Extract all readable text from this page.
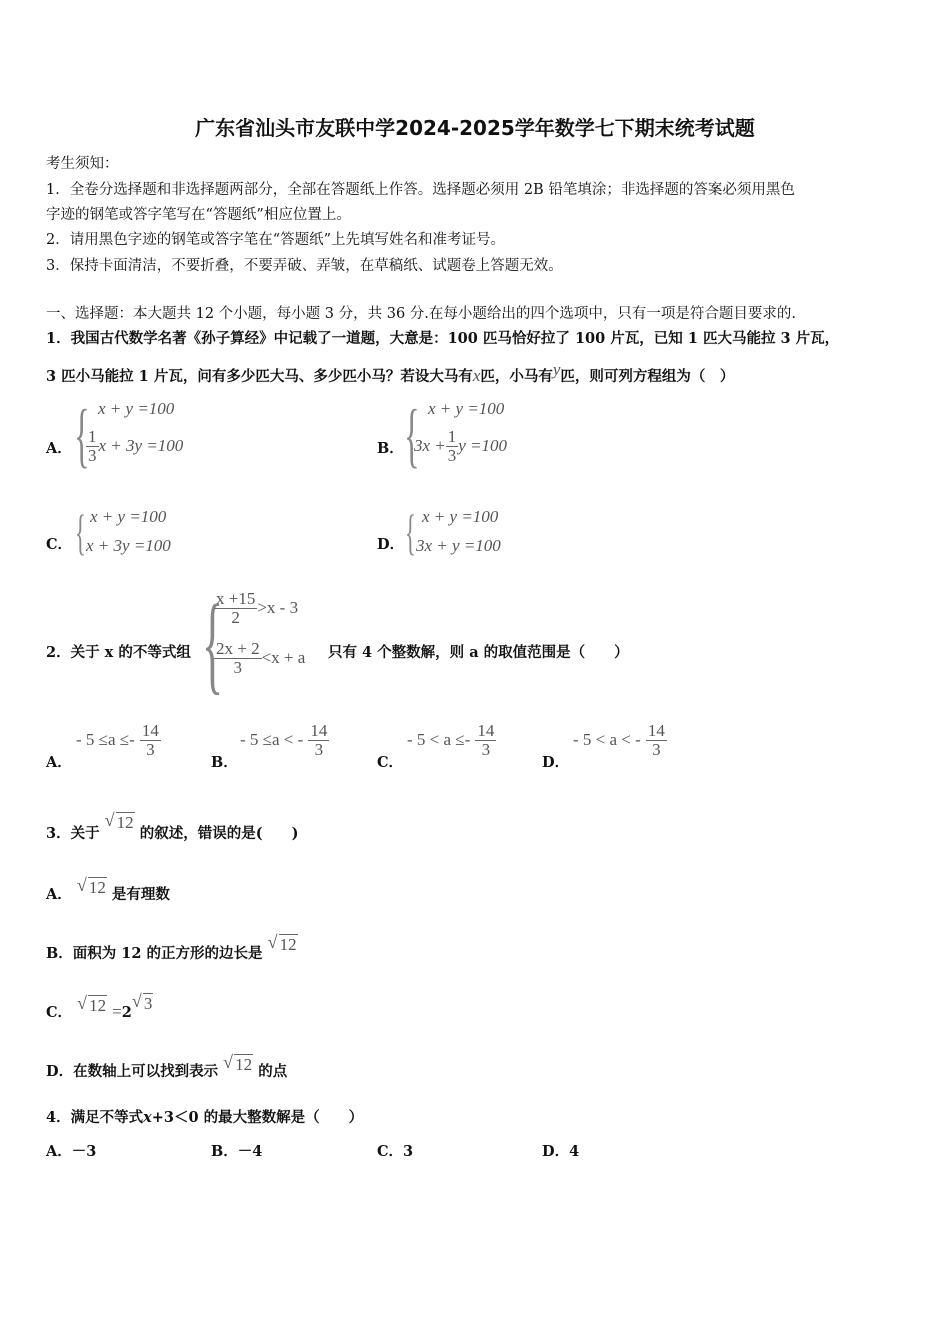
广东省汕头市友联中学2024-2025学年数学七下期末统考试题
考生须知：
1．全卷分选择题和非选择题两部分，全部在答题纸上作答。选择题必须用 2B 铅笔填涂；非选择题的答案必须用黑色
字迹的钢笔或答字笔写在“答题纸”相应位置上。
2．请用黑色字迹的钢笔或答字笔在“答题纸”上先填写姓名和准考证号。
3．保持卡面清洁，不要折叠，不要弄破、弄皱，在草稿纸、试题卷上答题无效。
一、选择题：本大题共 12 个小题，每小题 3 分，共 36 分.在每小题给出的四个选项中，只有一项是符合题目要求的.
1．我国古代数学名著《孙子算经》中记载了一道题，大意是：100 匹马恰好拉了 100 片瓦，已知 1 匹大马能拉 3 片瓦，
3 匹小马能拉 1 片瓦，问有多少匹大马、多少匹小马？若设大马有x匹，小马有y匹，则可列方程组为（　）
A． { x + y =100
$\frac{1}{3}$ x + 3y =100	B． { x + y =100
$3x + \frac{1}{3}$ y =100
C． { x + y =100
x + 3y =100	D． { x + y =100
3x + y =100
2．关于 x 的不等式组 {
$\frac{x +15}{2} >x - 3$
$\frac{2x + 2}{3} <x + a$ 只有 4 个整数解，则 a 的取值范围是（　　）
A．
- $5 \le a \le- \frac{14}{3}$
B．
- 5 ≤a < - $\frac{14}{3}$
C．
- $5 < a \le- \frac{14}{3}$
D．
- 5 < a < - $\frac{14}{3}$
3．关于
√ 12 的叙述，错误的是(　　)
A． √ 12 是有理数
B．面积为 12 的正方形的边长是
√ 12
C． √ 12 =2
√ 3
D．在数轴上可以找到表示 √ 12 的点
4．满足不等式x+3＜0 的最大整数解是（　　）
A．－3	B．－4	C．3	D．4
